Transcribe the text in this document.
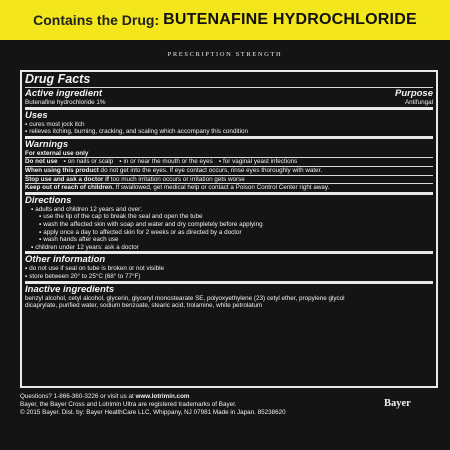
Contains the Drug: BUTENAFINE HYDROCHLORIDE
PRESCRIPTION STRENGTH
Drug Facts
Active ingredient	Purpose
Butenafine hydrochloride 1%	Antifungal
Uses
▪ cures most jock itch
▪ relieves itching, burning, cracking, and scaling which accompany this condition
Warnings
For external use only
Do not use	▪ on nails or scalp	▪ in or near the mouth or the eyes	▪ for vaginal yeast infections
When using this product do not get into the eyes. If eye contact occurs, rinse eyes thoroughly with water.
Stop use and ask a doctor if too much irritation occurs or irritation gets worse
Keep out of reach of children. If swallowed, get medical help or contact a Poison Control Center right away.
Directions
▪ adults and children 12 years and over:
▪ use the tip of the cap to break the seal and open the tube
▪ wash the affected skin with soap and water and dry completely before applying
▪ apply once a day to affected skin for 2 weeks or as directed by a doctor
▪ wash hands after each use
▪ children under 12 years: ask a doctor
Other information
▪ do not use if seal on tube is broken or not visible
▪ store between 20° to 25°C (68° to 77°F)
Inactive ingredients
benzyl alcohol, cetyl alcohol, glycerin, glyceryl monostearate SE, polyoxyethylene (23) cetyl ether, propylene glycol
dicaprylate, purified water, sodium benzoate, stearic acid, trolamine, white petrolatum
Questions? 1-866-360-3226 or visit us at www.lotrimin.com
Bayer, the Bayer Cross and Lotrimin Ultra are registered trademarks of Bayer.
© 2015 Bayer. Dist. by: Bayer HealthCare LLC, Whippany, NJ 07981 Made in Japan. 85238620
Bayer
